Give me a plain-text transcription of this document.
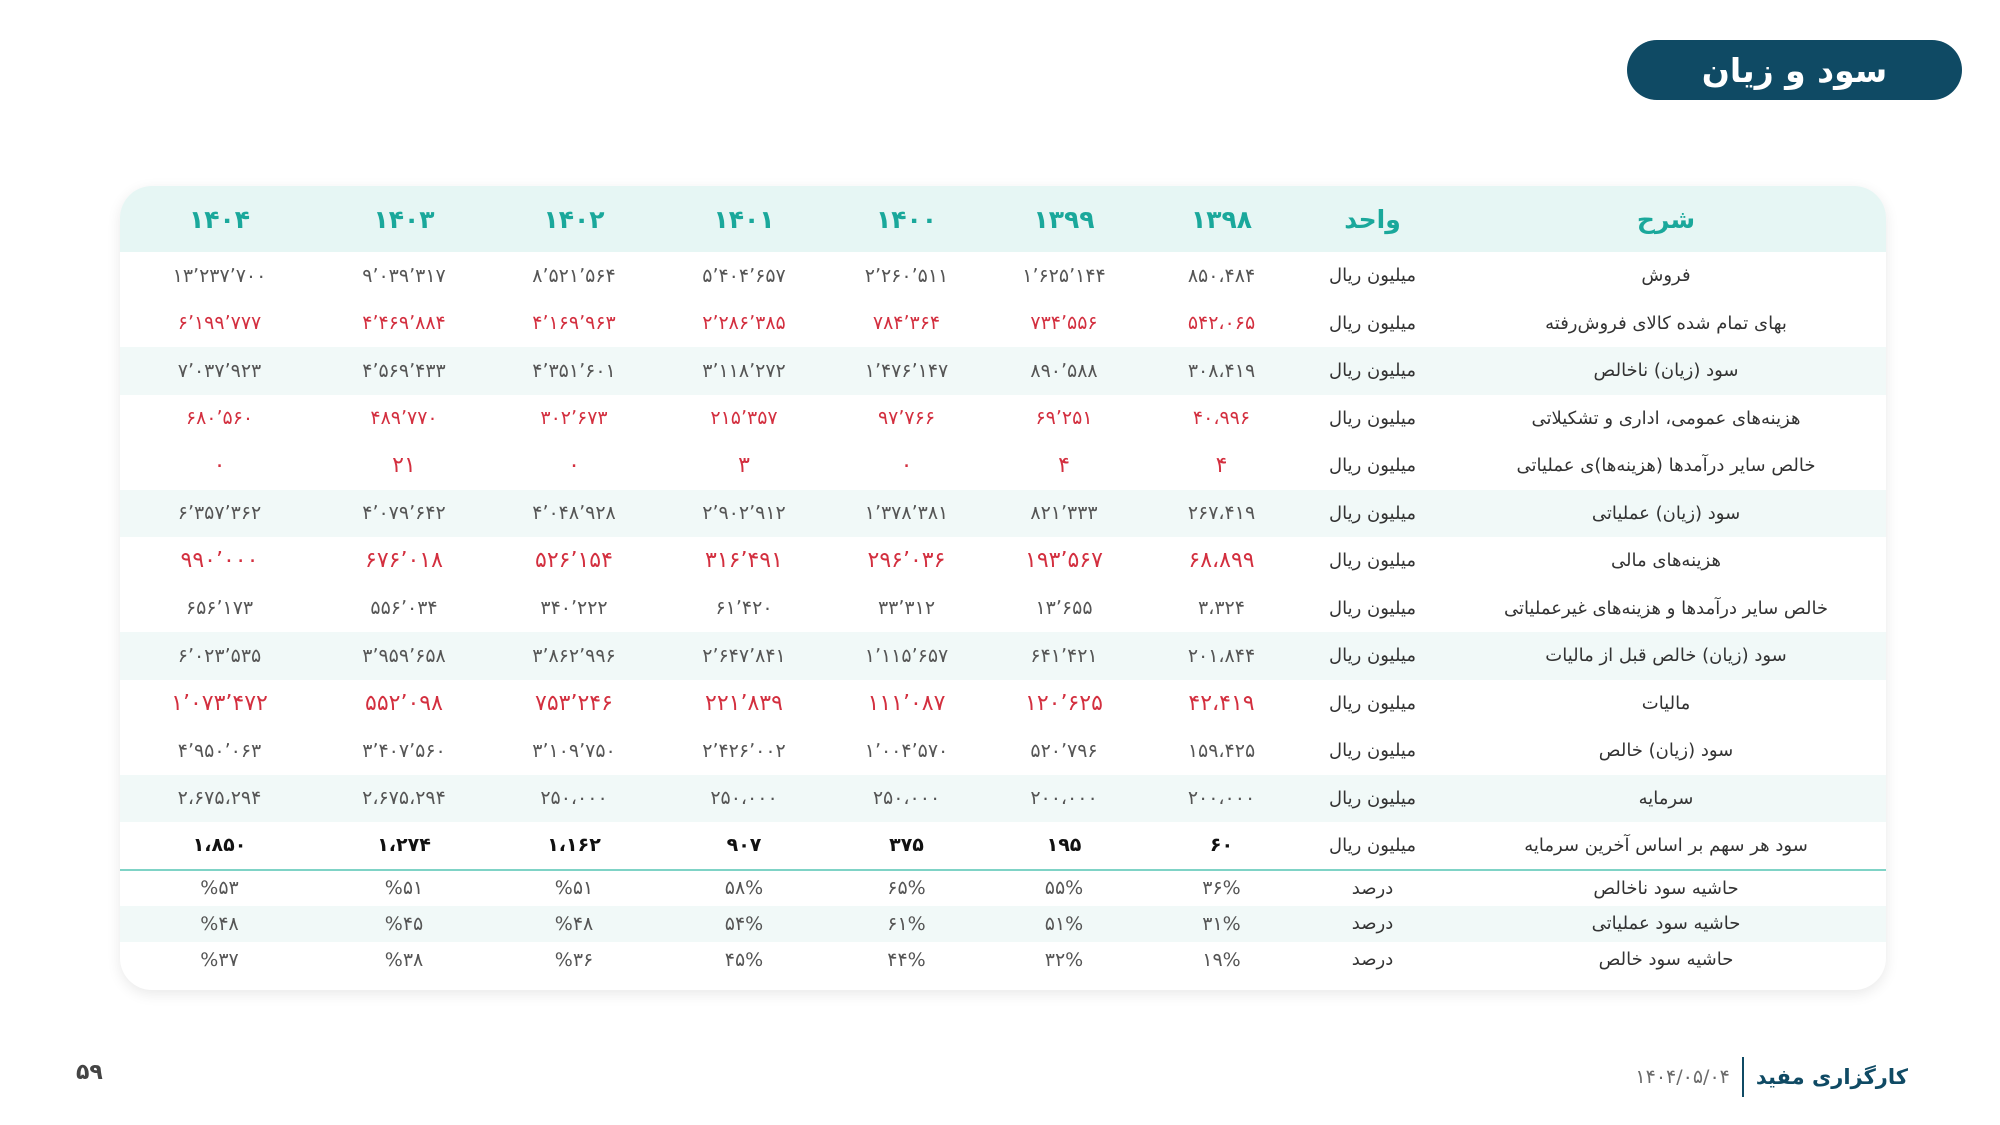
سود و زیان
شرح	واحد	۱۳۹۸	۱۳۹۹	۱۴۰۰	۱۴۰۱	۱۴۰۲	۱۴۰۳	۱۴۰۴
فروش	میلیون ریال	۸۵۰،۴۸۴	۱٬۶۲۵٬۱۴۴	۲٬۲۶۰٬۵۱۱	۵٬۴۰۴٬۶۵۷	۸٬۵۲۱٬۵۶۴	۹٬۰۳۹٬۳۱۷	۱۳٬۲۳۷٬۷۰۰
بهای تمام شده کالای فروش‌رفته	میلیون ریال	۵۴۲،۰۶۵	۷۳۴٬۵۵۶	۷۸۴٬۳۶۴	۲٬۲۸۶٬۳۸۵	۴٬۱۶۹٬۹۶۳	۴٬۴۶۹٬۸۸۴	۶٬۱۹۹٬۷۷۷
سود (زیان) ناخالص	میلیون ریال	۳۰۸،۴۱۹	۸۹۰٬۵۸۸	۱٬۴۷۶٬۱۴۷	۳٬۱۱۸٬۲۷۲	۴٬۳۵۱٬۶۰۱	۴٬۵۶۹٬۴۳۳	۷٬۰۳۷٬۹۲۳
هزینه‌های عمومی، اداری و تشکیلاتی	میلیون ریال	۴۰،۹۹۶	۶۹٬۲۵۱	۹۷٬۷۶۶	۲۱۵٬۳۵۷	۳۰۲٬۶۷۳	۴۸۹٬۷۷۰	۶۸۰٬۵۶۰
خالص سایر درآمدها (هزینه‌ها)ی عملیاتی	میلیون ریال	۴	۴	۰	۳	۰	۲۱	۰
سود (زیان) عملیاتی	میلیون ریال	۲۶۷،۴۱۹	۸۲۱٬۳۳۳	۱٬۳۷۸٬۳۸۱	۲٬۹۰۲٬۹۱۲	۴٬۰۴۸٬۹۲۸	۴٬۰۷۹٬۶۴۲	۶٬۳۵۷٬۳۶۲
هزینه‌های مالی	میلیون ریال	۶۸،۸۹۹	۱۹۳٬۵۶۷	۲۹۶٬۰۳۶	۳۱۶٬۴۹۱	۵۲۶٬۱۵۴	۶۷۶٬۰۱۸	۹۹۰٬۰۰۰
خالص سایر درآمدها و هزینه‌های غیرعملیاتی	میلیون ریال	۳،۳۲۴	۱۳٬۶۵۵	۳۳٬۳۱۲	۶۱٬۴۲۰	۳۴۰٬۲۲۲	۵۵۶٬۰۳۴	۶۵۶٬۱۷۳
سود (زیان) خالص قبل از مالیات	میلیون ریال	۲۰۱،۸۴۴	۶۴۱٬۴۲۱	۱٬۱۱۵٬۶۵۷	۲٬۶۴۷٬۸۴۱	۳٬۸۶۲٬۹۹۶	۳٬۹۵۹٬۶۵۸	۶٬۰۲۳٬۵۳۵
مالیات	میلیون ریال	۴۲،۴۱۹	۱۲۰٬۶۲۵	۱۱۱٬۰۸۷	۲۲۱٬۸۳۹	۷۵۳٬۲۴۶	۵۵۲٬۰۹۸	۱٬۰۷۳٬۴۷۲
سود (زیان) خالص	میلیون ریال	۱۵۹،۴۲۵	۵۲۰٬۷۹۶	۱٬۰۰۴٬۵۷۰	۲٬۴۲۶٬۰۰۲	۳٬۱۰۹٬۷۵۰	۳٬۴۰۷٬۵۶۰	۴٬۹۵۰٬۰۶۳
سرمایه	میلیون ریال	۲۰۰،۰۰۰	۲۰۰،۰۰۰	۲۵۰،۰۰۰	۲۵۰،۰۰۰	۲۵۰،۰۰۰	۲،۶۷۵،۲۹۴	۲،۶۷۵،۲۹۴
سود هر سهم بر اساس آخرین سرمایه	میلیون ریال	۶۰	۱۹۵	۳۷۵	۹۰۷	۱،۱۶۲	۱،۲۷۴	۱،۸۵۰
حاشیه سود ناخالص	درصد	۳۶%	۵۵%	۶۵%	۵۸%	%۵۱	%۵۱	%۵۳
حاشیه سود عملیاتی	درصد	۳۱%	۵۱%	۶۱%	۵۴%	%۴۸	%۴۵	%۴۸
حاشیه سود خالص	درصد	۱۹%	۳۲%	۴۴%	۴۵%	%۳۶	%۳۸	%۳۷
۵۹	کارگزاری مفید
۱۴۰۴/۰۵/۰۴
